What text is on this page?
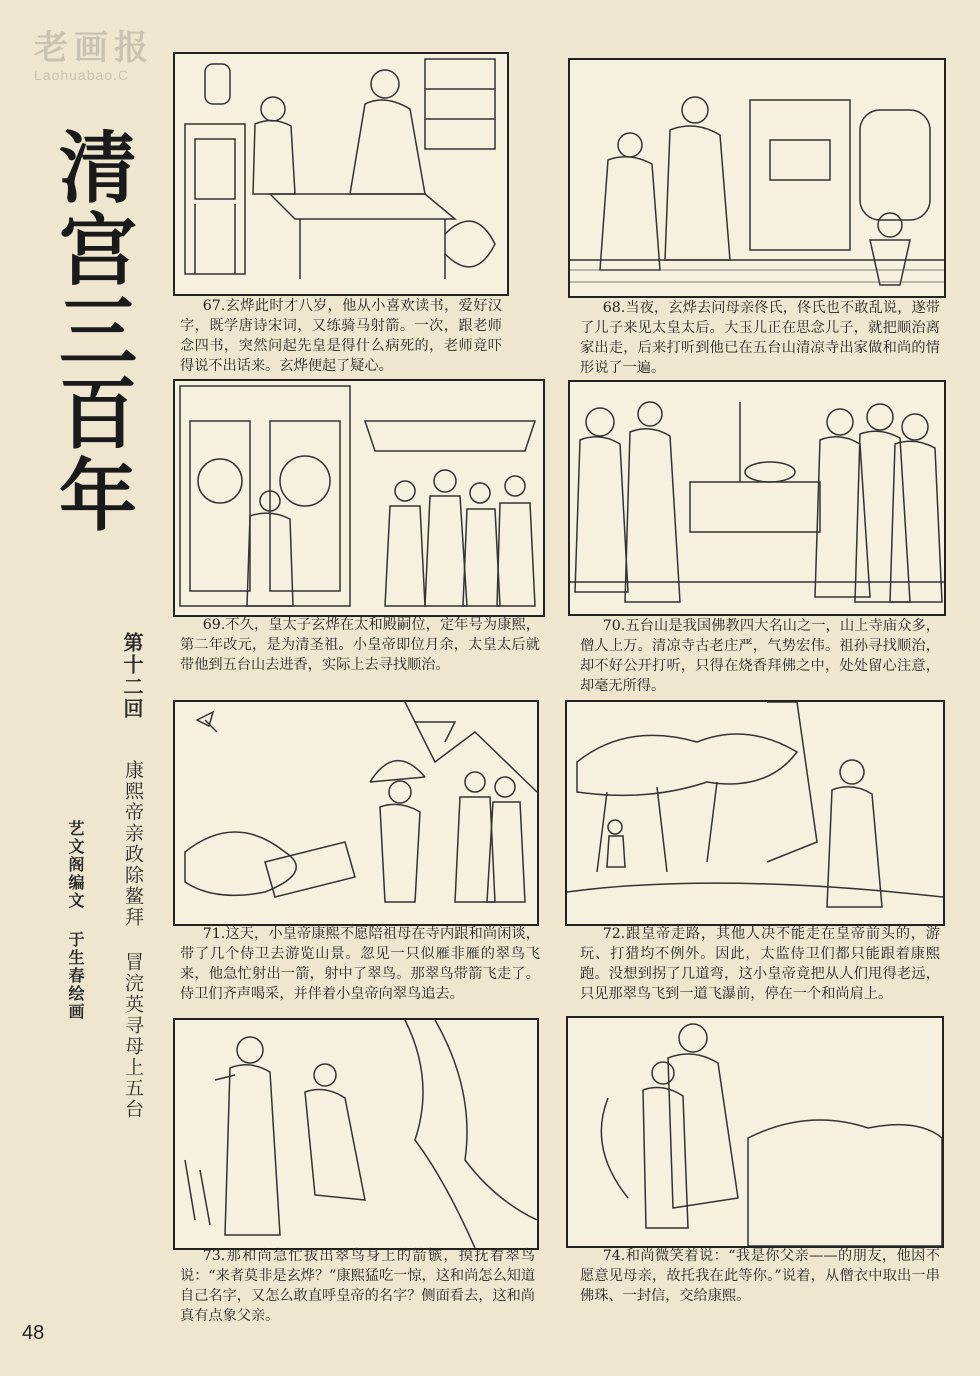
老画报
Laohuabao.C
清
宫
三
百
年
第十二回
康熙帝亲政除鳌拜 冒浣英寻母上五台
艺文阁编文 于生春绘画
67.玄烨此时才八岁，他从小喜欢读书，爱好汉字，既学唐诗宋词，又练骑马射箭。一次，跟老师念四书，突然问起先皇是得什么病死的，老师竟吓得说不出话来。玄烨便起了疑心。
68.当夜，玄烨去问母亲佟氏，佟氏也不敢乱说，遂带了儿子来见太皇太后。大玉儿正在思念儿子，就把顺治离家出走，后来打听到他已在五台山清凉寺出家做和尚的情形说了一遍。
69.不久，皇太子玄烨在太和殿嗣位，定年号为康熙，第二年改元，是为清圣祖。小皇帝即位月余，太皇太后就带他到五台山去进香，实际上去寻找顺治。
70.五台山是我国佛教四大名山之一，山上寺庙众多，僧人上万。清凉寺古老庄严，气势宏伟。祖孙寻找顺治，却不好公开打听，只得在烧香拜佛之中，处处留心注意，却毫无所得。
71.这天，小皇帝康熙不愿陪祖母在寺内跟和尚闲谈，带了几个侍卫去游览山景。忽见一只似雁非雁的翠鸟飞来，他急忙射出一箭，射中了翠鸟。那翠鸟带箭飞走了。侍卫们齐声喝采，并伴着小皇帝向翠鸟追去。
72.跟皇帝走路，其他人决不能走在皇帝前头的，游玩、打猎均不例外。因此，太监侍卫们都只能跟着康熙跑。没想到拐了几道弯，这小皇帝竟把从人们甩得老远，只见那翠鸟飞到一道飞瀑前，停在一个和尚肩上。
73.那和尚急忙拔出翠鸟身上的箭镞，摸抚着翠鸟说：“来者莫非是玄烨？”康熙猛吃一惊，这和尚怎么知道自己名字，又怎么敢直呼皇帝的名字？侧面看去，这和尚真有点象父亲。
74.和尚微笑着说：“我是你父亲——的朋友，他因不愿意见母亲，故托我在此等你。”说着，从僧衣中取出一串佛珠、一封信，交给康熙。
48
